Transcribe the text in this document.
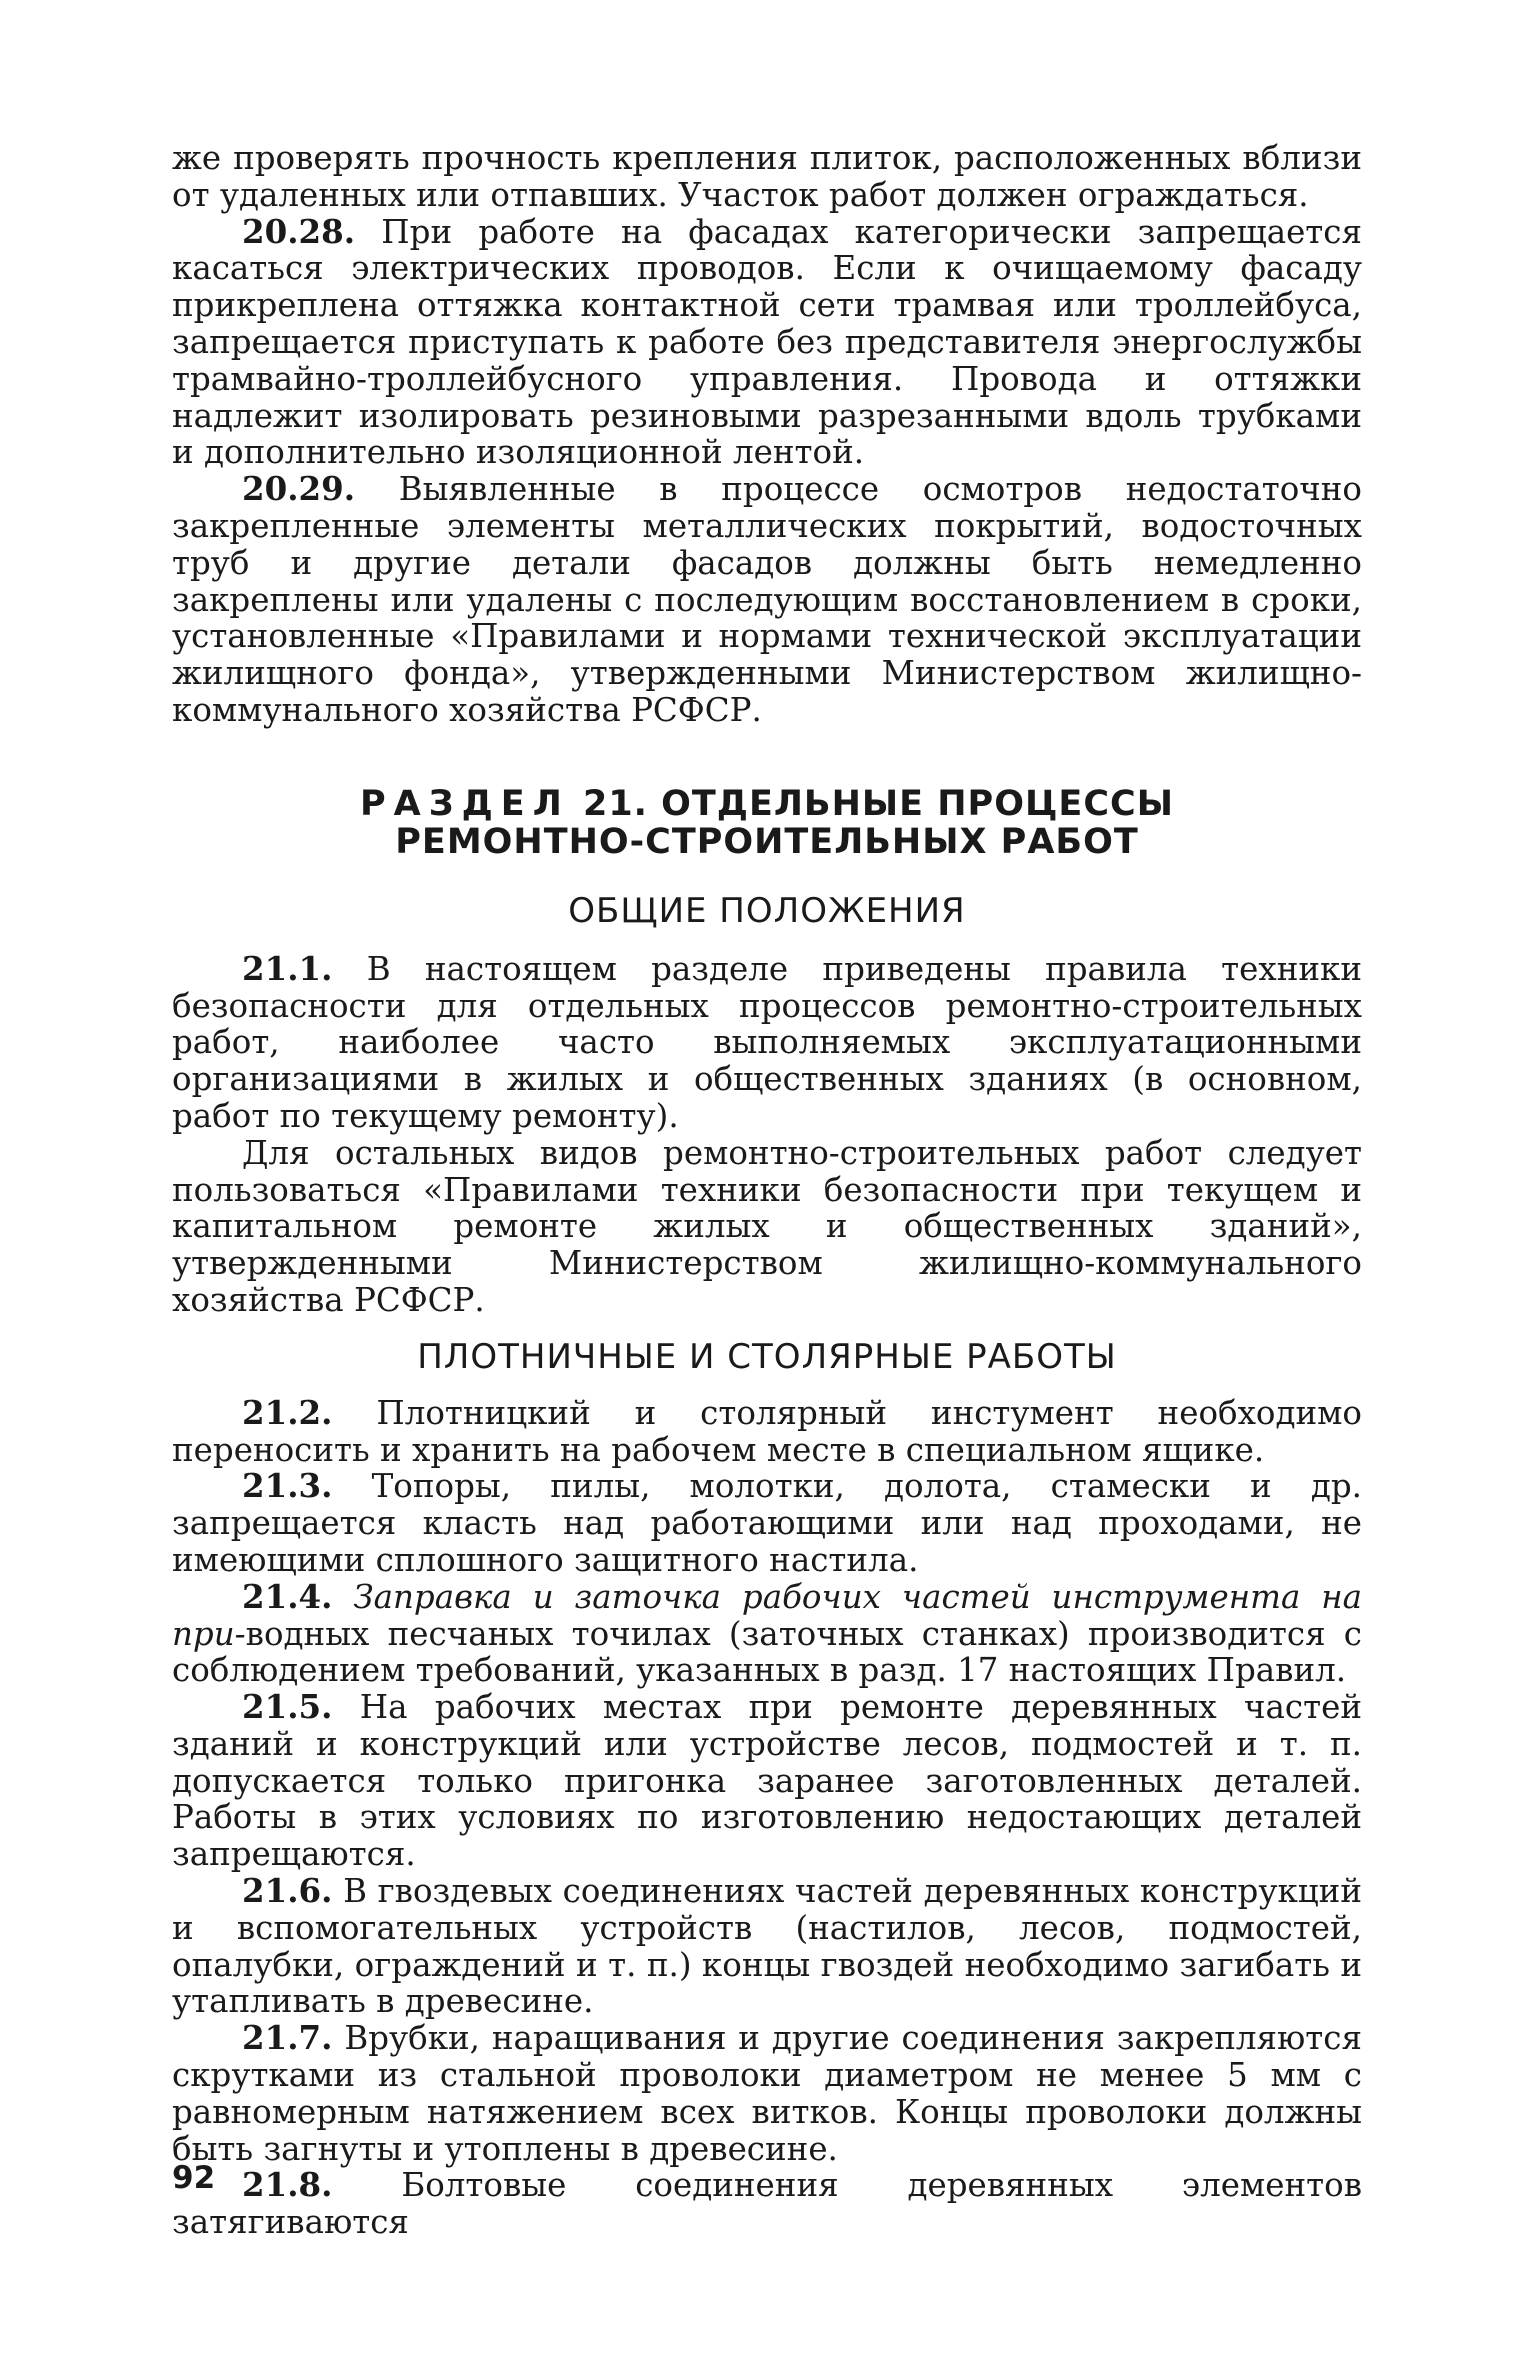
же проверять прочность крепления плиток, расположенных вблизи от удаленных или отпавших. Участок работ должен ограждаться.

20.28. При работе на фасадах категорически запрещается касаться электрических проводов. Если к очищаемому фасаду прикреплена оттяжка контактной сети трамвая или троллейбуса, запрещается приступать к работе без представителя энергослужбы трамвайно-троллейбусного управления. Провода и оттяжки надлежит изолировать резиновыми разрезанными вдоль трубками и дополнительно изоляционной лентой.

20.29. Выявленные в процессе осмотров недостаточно закрепленные элементы металлических покрытий, водосточных труб и другие детали фасадов должны быть немедленно закреплены или удалены с последующим восстановлением в сроки, установленные «Правилами и нормами технической эксплуатации жилищного фонда», утвержденными Министерством жилищно-коммунального хозяйства РСФСР.

РАЗДЕЛ 21. ОТДЕЛЬНЫЕ ПРОЦЕССЫ
РЕМОНТНО-СТРОИТЕЛЬНЫХ РАБОТ
ОБЩИЕ ПОЛОЖЕНИЯ

21.1. В настоящем разделе приведены правила техники безопасности для отдельных процессов ремонтно-строительных работ, наиболее часто выполняемых эксплуатационными организациями в жилых и общественных зданиях (в основном, работ по текущему ремонту).

Для остальных видов ремонтно-строительных работ следует пользоваться «Правилами техники безопасности при текущем и капитальном ремонте жилых и общественных зданий», утвержденными Министерством жилищно-коммунального хозяйства РСФСР.

ПЛОТНИЧНЫЕ И СТОЛЯРНЫЕ РАБОТЫ

21.2. Плотницкий и столярный инстумент необходимо переносить и хранить на рабочем месте в специальном ящике.

21.3. Топоры, пилы, молотки, долота, стамески и др. запрещается класть над работающими или над проходами, не имеющими сплошного защитного настила.

21.4. Заправка и заточка рабочих частей инструмента на при-водных песчаных точилах (заточных станках) производится с соблюдением требований, указанных в разд. 17 настоящих Правил.

21.5. На рабочих местах при ремонте деревянных частей зданий и конструкций или устройстве лесов, подмостей и т. п. допускается только пригонка заранее заготовленных деталей. Работы в этих условиях по изготовлению недостающих деталей запрещаются.

21.6. В гвоздевых соединениях частей деревянных конструкций и вспомогательных устройств (настилов, лесов, подмостей, опалубки, ограждений и т. п.) концы гвоздей необходимо загибать и утапливать в древесине.

21.7. Врубки, наращивания и другие соединения закрепляются скрутками из стальной проволоки диаметром не менее 5 мм с равномерным натяжением всех витков. Концы проволоки должны быть загнуты и утоплены в древесине.

21.8. Болтовые соединения деревянных элементов затягиваются

92
